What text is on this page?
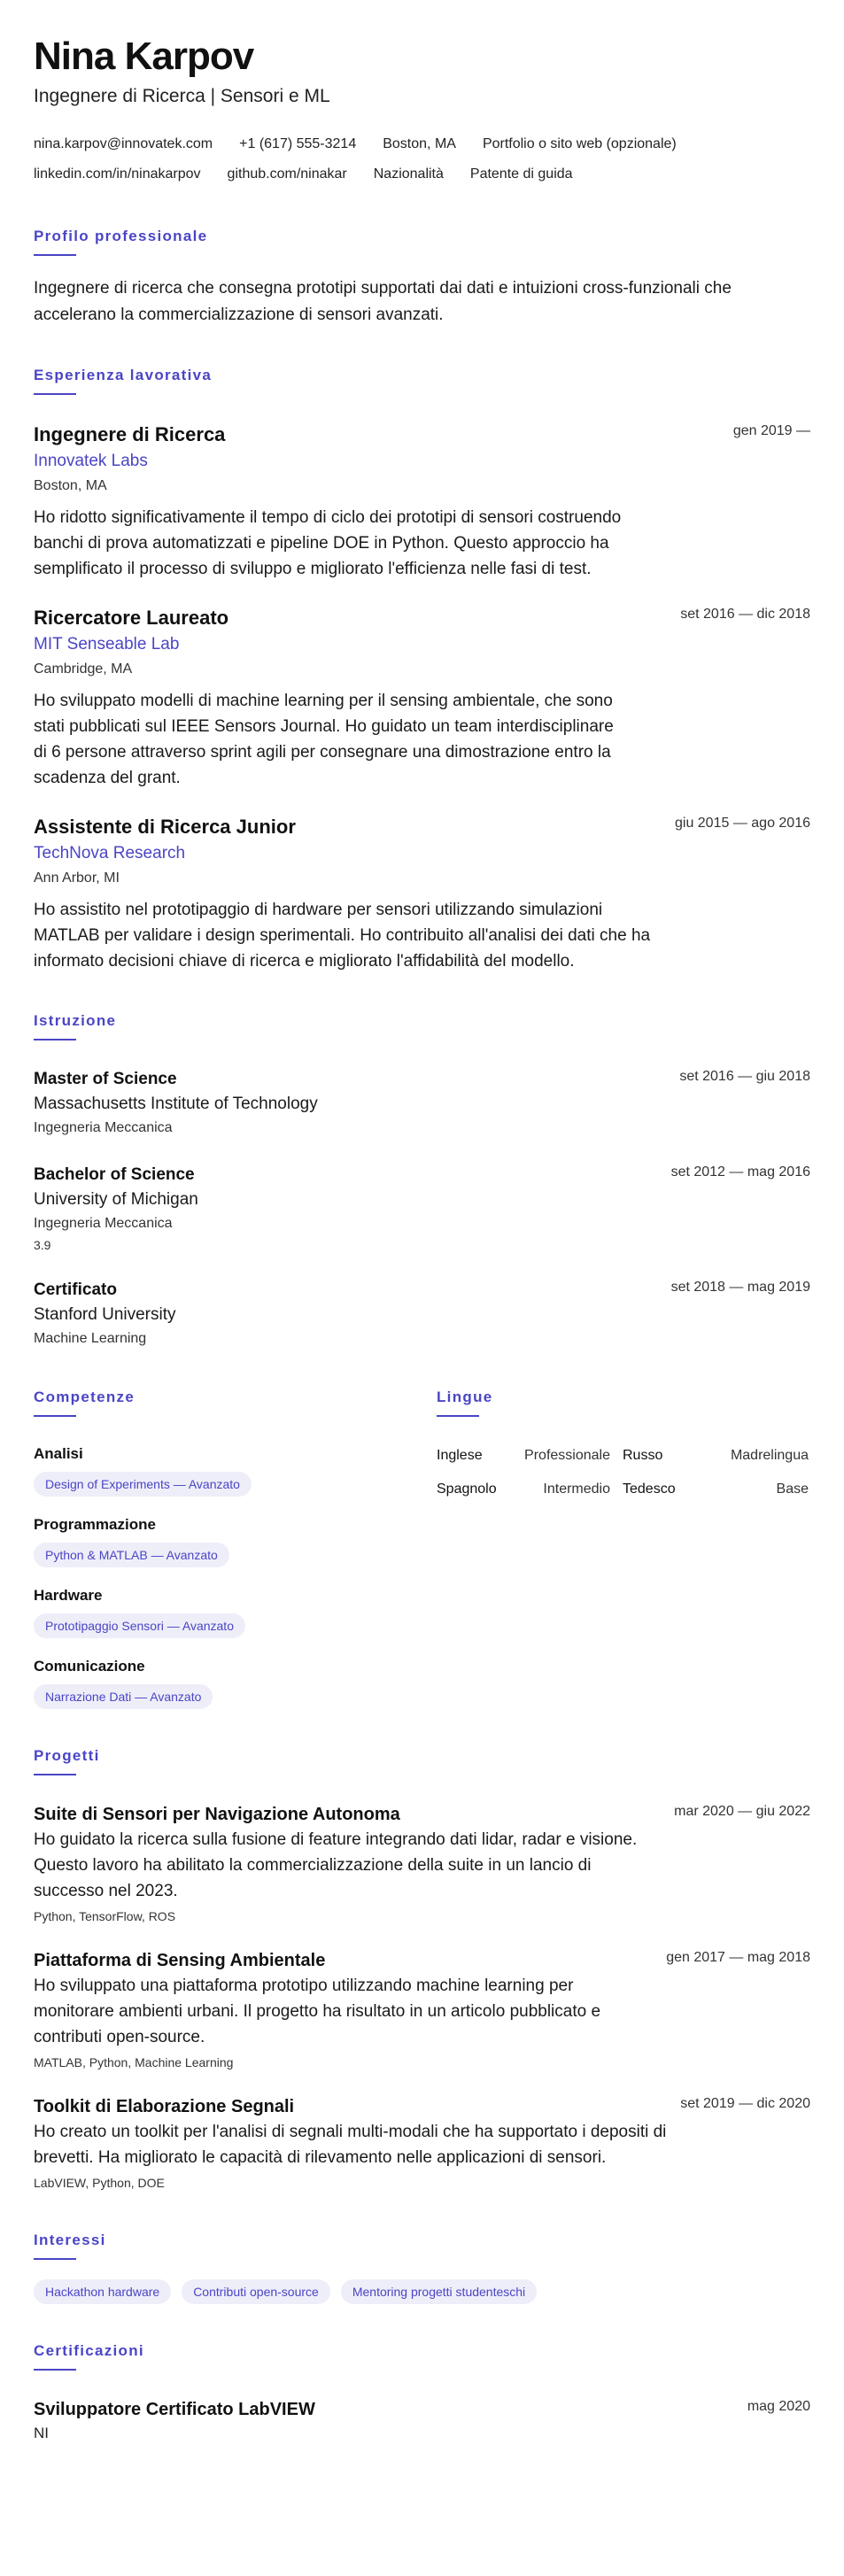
Nina Karpov
Ingegnere di Ricerca | Sensori e ML
nina.karpov@innovatek.com +1 (617) 555-3214 Boston, MA Portfolio o sito web (opzionale)
linkedin.com/in/ninakarpov github.com/ninakar Nazionalità Patente di guida
Profilo professionale
Ingegnere di ricerca che consegna prototipi supportati dai dati e intuizioni cross-funzionali che accelerano la commercializzazione di sensori avanzati.
Esperienza lavorativa
gen 2019 —
Ingegnere di Ricerca
Innovatek Labs
Boston, MA
Ho ridotto significativamente il tempo di ciclo dei prototipi di sensori costruendo banchi di prova automatizzati e pipeline DOE in Python. Questo approccio ha semplificato il processo di sviluppo e migliorato l'efficienza nelle fasi di test.
set 2016 — dic 2018
Ricercatore Laureato
MIT Senseable Lab
Cambridge, MA
Ho sviluppato modelli di machine learning per il sensing ambientale, che sono stati pubblicati sul IEEE Sensors Journal. Ho guidato un team interdisciplinare di 6 persone attraverso sprint agili per consegnare una dimostrazione entro la scadenza del grant.
giu 2015 — ago 2016
Assistente di Ricerca Junior
TechNova Research
Ann Arbor, MI
Ho assistito nel prototipaggio di hardware per sensori utilizzando simulazioni MATLAB per validare i design sperimentali. Ho contribuito all'analisi dei dati che ha informato decisioni chiave di ricerca e migliorato l'affidabilità del modello.
Istruzione
set 2016 — giu 2018
Master of Science
Massachusetts Institute of Technology
Ingegneria Meccanica
set 2012 — mag 2016
Bachelor of Science
University of Michigan
Ingegneria Meccanica
3.9
set 2018 — mag 2019
Certificato
Stanford University
Machine Learning
Competenze
Analisi
Design of Experiments — Avanzato
Programmazione
Python & MATLAB — Avanzato
Hardware
Prototipaggio Sensori — Avanzato
Comunicazione
Narrazione Dati — Avanzato
Lingue
Inglese	Professionale Russo	Madrelingua
Spagnolo	Intermedio Tedesco	Base
Progetti
mar 2020 — giu 2022
Suite di Sensori per Navigazione Autonoma
Ho guidato la ricerca sulla fusione di feature integrando dati lidar, radar e visione. Questo lavoro ha abilitato la commercializzazione della suite in un lancio di successo nel 2023.
Python, TensorFlow, ROS
gen 2017 — mag 2018
Piattaforma di Sensing Ambientale
Ho sviluppato una piattaforma prototipo utilizzando machine learning per monitorare ambienti urbani. Il progetto ha risultato in un articolo pubblicato e contributi open-source.
MATLAB, Python, Machine Learning
set 2019 — dic 2020
Toolkit di Elaborazione Segnali
Ho creato un toolkit per l'analisi di segnali multi-modali che ha supportato i depositi di brevetti. Ha migliorato le capacità di rilevamento nelle applicazioni di sensori.
LabVIEW, Python, DOE
Interessi
Hackathon hardware	Contributi open-source	Mentoring progetti studenteschi
Certificazioni
mag 2020
Sviluppatore Certificato LabVIEW
NI
